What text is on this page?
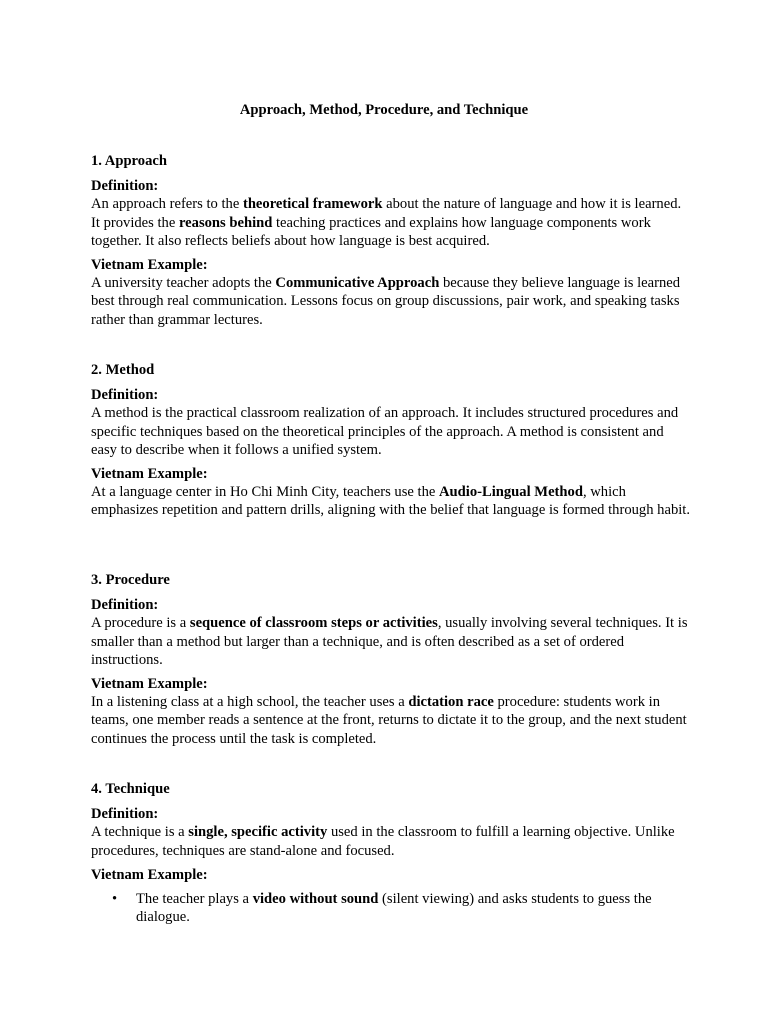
Approach, Method, Procedure, and Technique
1. Approach
Definition:
An approach refers to the theoretical framework about the nature of language and how it is learned. It provides the reasons behind teaching practices and explains how language components work together. It also reflects beliefs about how language is best acquired.
Vietnam Example:
A university teacher adopts the Communicative Approach because they believe language is learned best through real communication. Lessons focus on group discussions, pair work, and speaking tasks rather than grammar lectures.
2. Method
Definition:
A method is the practical classroom realization of an approach. It includes structured procedures and specific techniques based on the theoretical principles of the approach. A method is consistent and easy to describe when it follows a unified system.
Vietnam Example:
At a language center in Ho Chi Minh City, teachers use the Audio-Lingual Method, which emphasizes repetition and pattern drills, aligning with the belief that language is formed through habit.
3. Procedure
Definition:
A procedure is a sequence of classroom steps or activities, usually involving several techniques. It is smaller than a method but larger than a technique, and is often described as a set of ordered instructions.
Vietnam Example:
In a listening class at a high school, the teacher uses a dictation race procedure: students work in teams, one member reads a sentence at the front, returns to dictate it to the group, and the next student continues the process until the task is completed.
4. Technique
Definition:
A technique is a single, specific activity used in the classroom to fulfill a learning objective. Unlike procedures, techniques are stand-alone and focused.
Vietnam Example:
• The teacher plays a video without sound (silent viewing) and asks students to guess the dialogue.
